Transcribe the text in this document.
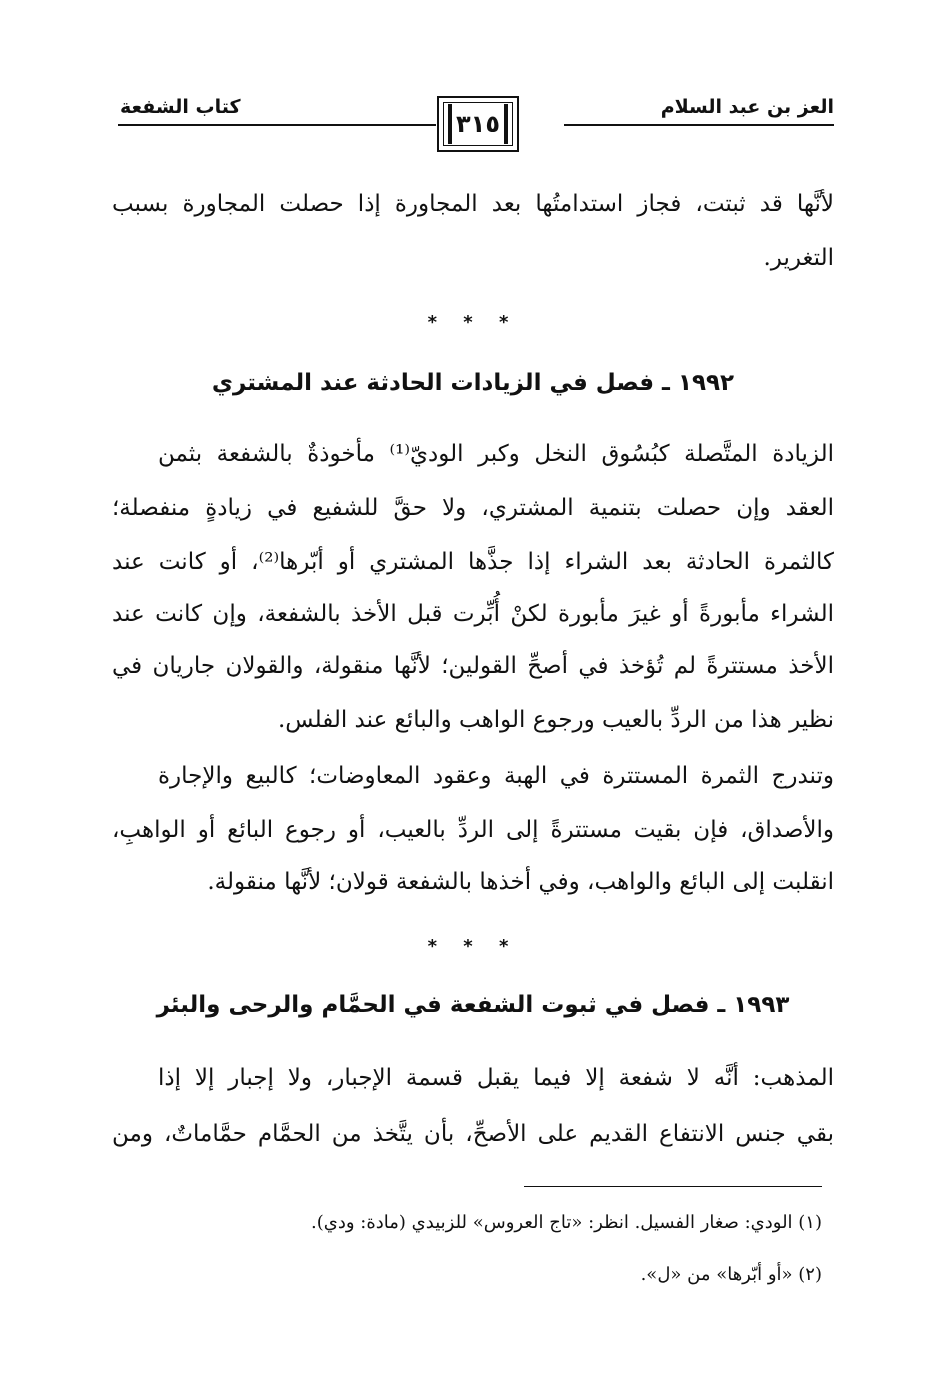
العز بن عبد السلام
٣١٥
كتاب الشفعة
لأنَّها قد ثبتت، فجاز استدامتُها بعد المجاورة إذا حصلت المجاورة بسبب
التغرير.
* * *
١٩٩٢ ـ فصل في الزيادات الحادثة عند المشتري
الزيادة المتَّصلة كبُسُوق النخل وكبر الوديّ⁽¹⁾ مأخوذةٌ بالشفعة بثمن
العقد وإن حصلت بتنمية المشتري، ولا حقَّ للشفيع في زيادةٍ منفصلة؛
كالثمرة الحادثة بعد الشراء إذا جذَّها المشتري أو أبّرها⁽²⁾، أو كانت عند
الشراء مأبورةً أو غيرَ مأبورة لكنْ أُبِّرت قبل الأخذ بالشفعة، وإن كانت عند
الأخذ مستترةً لم تُؤخذ في أصحِّ القولين؛ لأنَّها منقولة، والقولان جاريان في
نظير هذا من الردِّ بالعيب ورجوع الواهب والبائع عند الفلس.
وتندرج الثمرة المستترة في الهبة وعقود المعاوضات؛ كالبيع والإجارة
والأصداق، فإن بقيت مستترةً إلى الردِّ بالعيب، أو رجوع البائع أو الواهبِ،
انقلبت إلى البائع والواهب، وفي أخذها بالشفعة قولان؛ لأنَّها منقولة.
* * *
١٩٩٣ ـ فصل في ثبوت الشفعة في الحمَّام والرحى والبئر
المذهب: أنَّه لا شفعة إلا فيما يقبل قسمة الإجبار، ولا إجبار إلا إذا
بقي جنس الانتفاع القديم على الأصحِّ، بأن يتَّخذ من الحمَّام حمَّاماتٌ، ومن
(١) الودي: صغار الفسيل. انظر: «تاج العروس» للزبيدي (مادة: ودي).
(٢) «أو أبّرها» من «ل».
